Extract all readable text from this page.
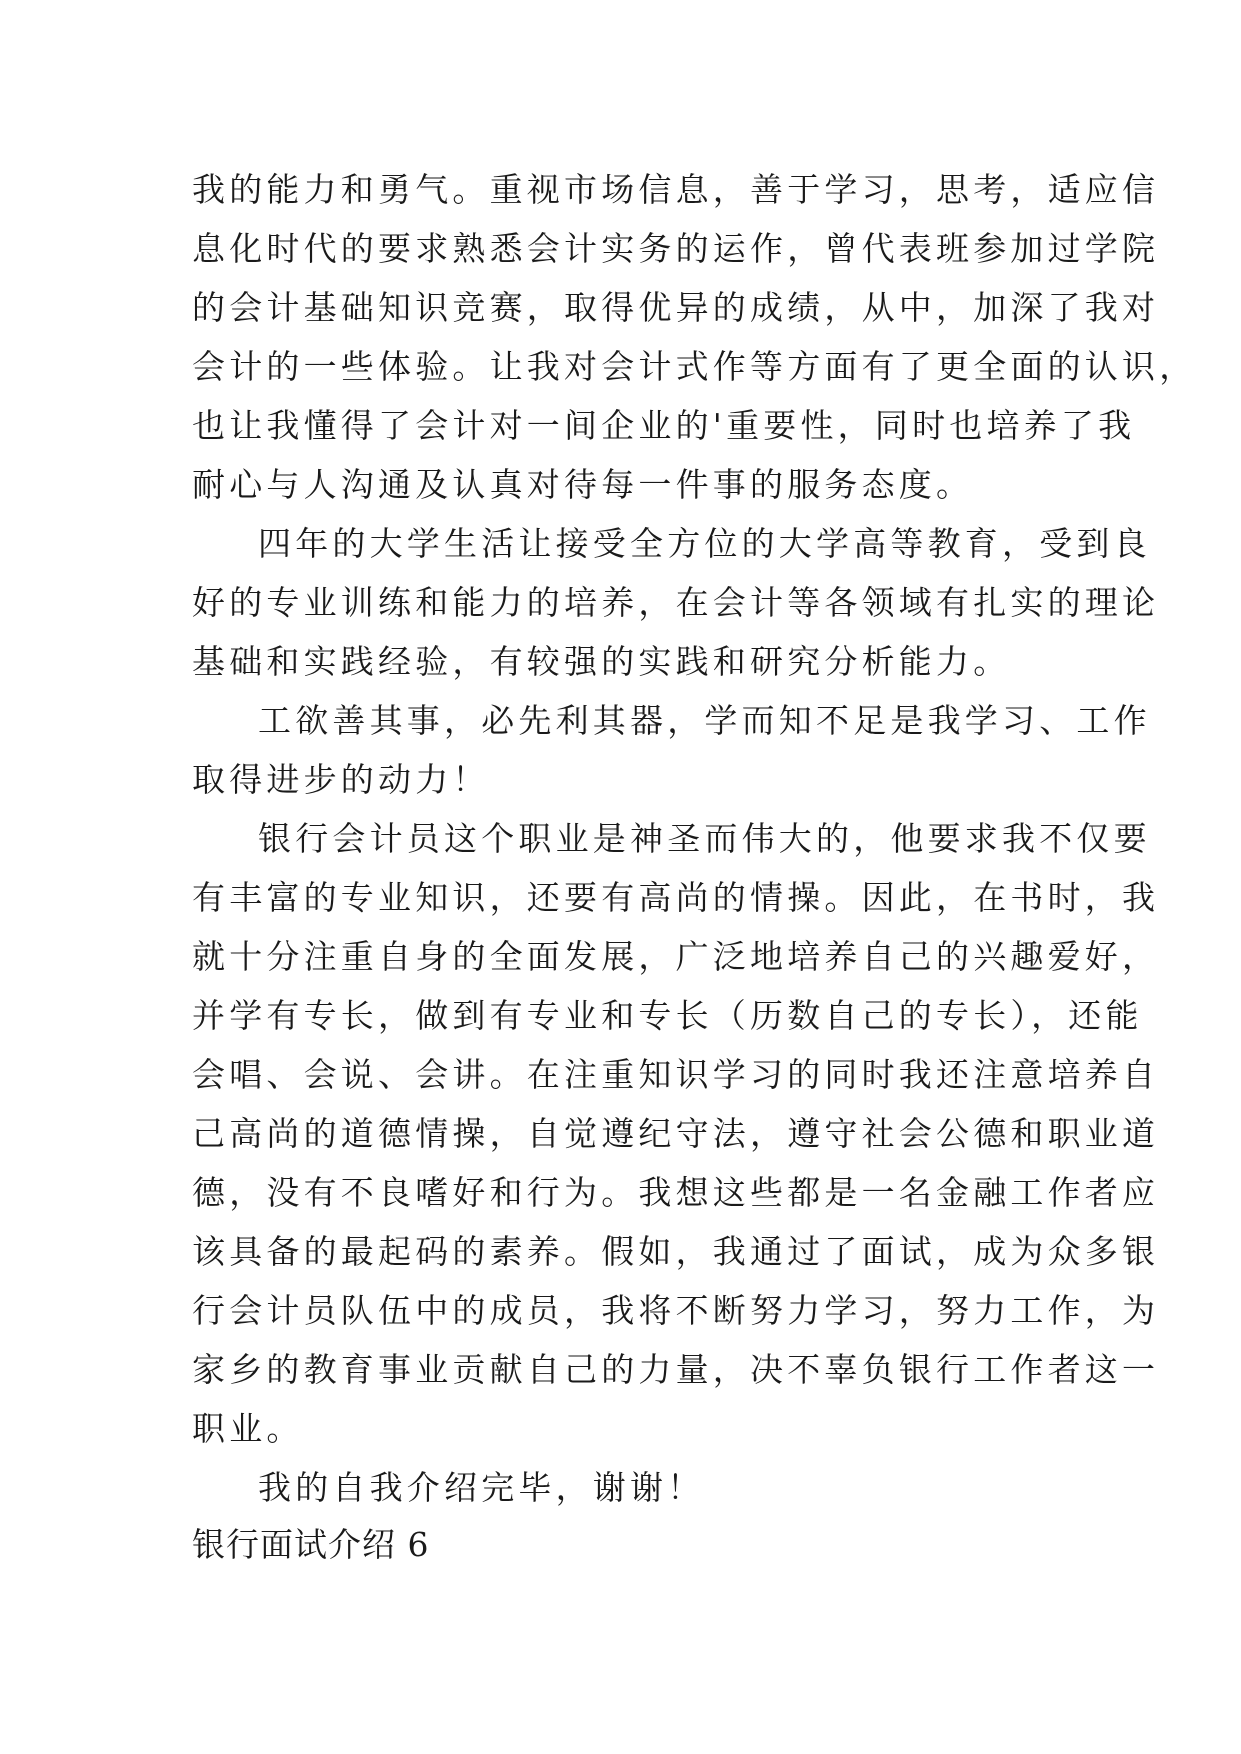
我的能力和勇气。重视市场信息，善于学习，思考，适应信
息化时代的要求熟悉会计实务的运作，曾代表班参加过学院
的会计基础知识竞赛，取得优异的成绩，从中，加深了我对
会计的一些体验。让我对会计式作等方面有了更全面的认识，
也让我懂得了会计对一间企业的'重要性，同时也培养了我
耐心与人沟通及认真对待每一件事的服务态度。
四年的大学生活让接受全方位的大学高等教育，受到良
好的专业训练和能力的培养，在会计等各领域有扎实的理论
基础和实践经验，有较强的实践和研究分析能力。
工欲善其事，必先利其器，学而知不足是我学习、工作
取得进步的动力！
银行会计员这个职业是神圣而伟大的，他要求我不仅要
有丰富的专业知识，还要有高尚的情操。因此，在书时，我
就十分注重自身的全面发展，广泛地培养自己的兴趣爱好，
并学有专长，做到有专业和专长（历数自己的专长），还能
会唱、会说、会讲。在注重知识学习的同时我还注意培养自
己高尚的道德情操，自觉遵纪守法，遵守社会公德和职业道
德，没有不良嗜好和行为。我想这些都是一名金融工作者应
该具备的最起码的素养。假如，我通过了面试，成为众多银
行会计员队伍中的成员，我将不断努力学习，努力工作，为
家乡的教育事业贡献自己的力量，决不辜负银行工作者这一
职业。
我的自我介绍完毕，谢谢！
银行面试介绍 6
